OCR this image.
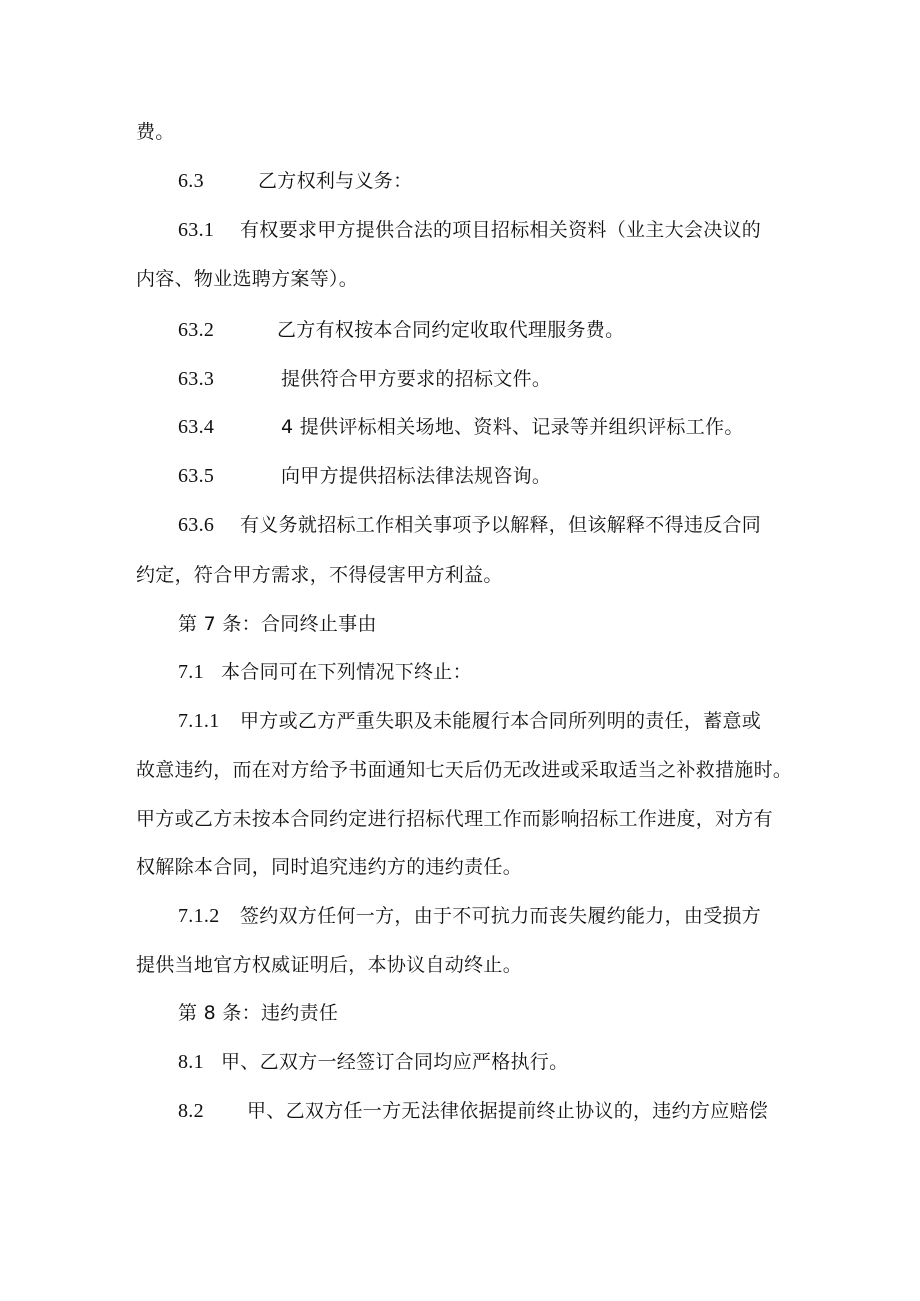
费。
6.3	乙方权利与义务：
63.1 有权要求甲方提供合法的项目招标相关资料（业主大会决议的
内容、物业选聘方案等）。
63.2	乙方有权按本合同约定收取代理服务费。
63.3	提供符合甲方要求的招标文件。
63.4	4 提供评标相关场地、资料、记录等并组织评标工作。
63.5	向甲方提供招标法律法规咨询。
63.6 有义务就招标工作相关事项予以解释，但该解释不得违反合同
约定，符合甲方需求，不得侵害甲方利益。
第 7 条：合同终止事由
7.1 本合同可在下列情况下终止：
7.1.1 甲方或乙方严重失职及未能履行本合同所列明的责任，蓄意或
故意违约，而在对方给予书面通知七天后仍无改进或采取适当之补救措施时。
甲方或乙方未按本合同约定进行招标代理工作而影响招标工作进度，对方有
权解除本合同，同时追究违约方的违约责任。
7.1.2 签约双方任何一方，由于不可抗力而丧失履约能力，由受损方
提供当地官方权威证明后，本协议自动终止。
第 8 条：违约责任
8.1 甲、乙双方一经签订合同均应严格执行。
8.2 甲、乙双方任一方无法律依据提前终止协议的，违约方应赔偿
